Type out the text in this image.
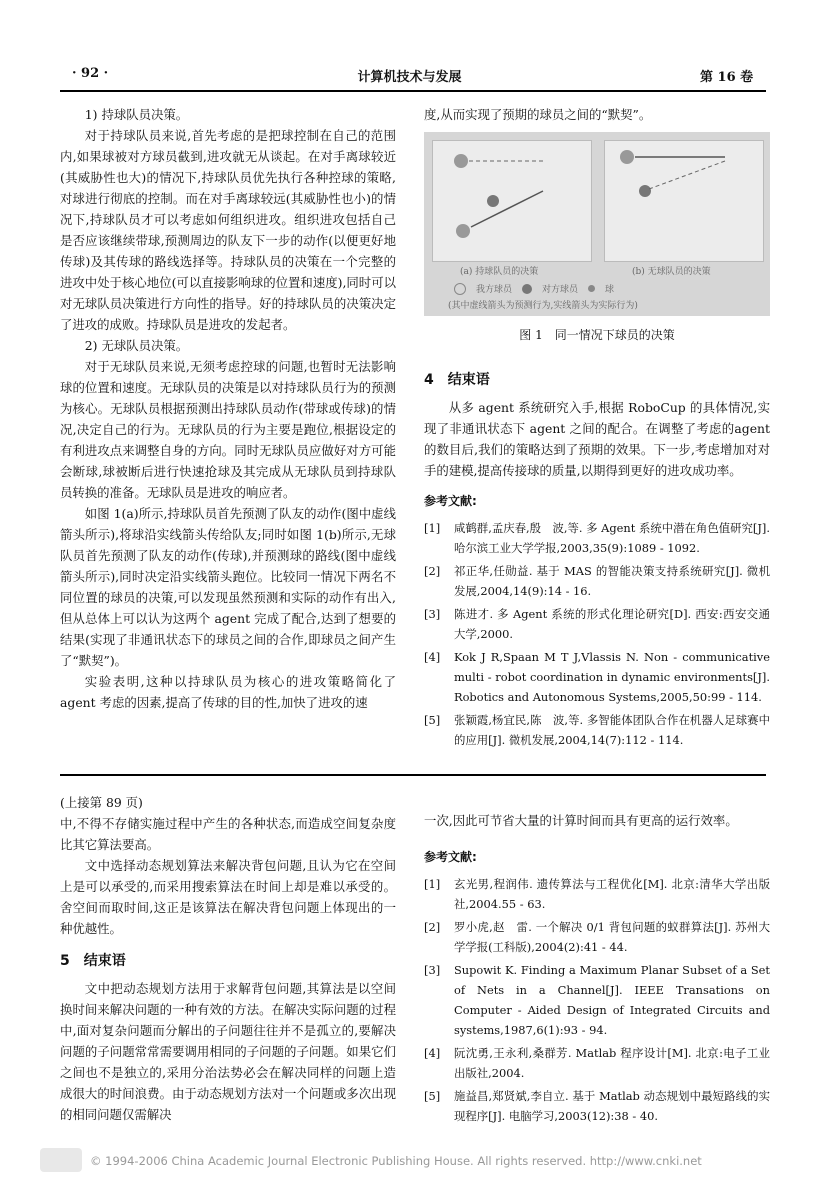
· 92 ·	计算机技术与发展	第 16 卷

1) 持球队员决策。

对于持球队员来说,首先考虑的是把球控制在自己的范围内,如果球被对方球员截到,进攻就无从谈起。在对手离球较近(其威胁性也大)的情况下,持球队员优先执行各种控球的策略,对球进行彻底的控制。而在对手离球较远(其威胁性也小)的情况下,持球队员才可以考虑如何组织进攻。组织进攻包括自己是否应该继续带球,预测周边的队友下一步的动作(以便更好地传球)及其传球的路线选择等。持球队员的决策在一个完整的进攻中处于核心地位(可以直接影响球的位置和速度),同时可以对无球队员决策进行方向性的指导。好的持球队员的决策决定了进攻的成败。持球队员是进攻的发起者。

2) 无球队员决策。

对于无球队员来说,无须考虑控球的问题,也暂时无法影响球的位置和速度。无球队员的决策是以对持球队员行为的预测为核心。无球队员根据预测出持球队员动作(带球或传球)的情况,决定自己的行为。无球队员的行为主要是跑位,根据设定的有利进攻点来调整自身的方向。同时无球队员应做好对方可能会断球,球被断后进行快速抢球及其完成从无球队员到持球队员转换的准备。无球队员是进攻的响应者。

如图 1(a)所示,持球队员首先预测了队友的动作(图中虚线箭头所示),将球沿实线箭头传给队友;同时如图 1(b)所示,无球队员首先预测了队友的动作(传球),并预测球的路线(图中虚线箭头所示),同时决定沿实线箭头跑位。比较同一情况下两名不同位置的球员的决策,可以发现虽然预测和实际的动作有出入,但从总体上可以认为这两个 agent 完成了配合,达到了想要的结果(实现了非通讯状态下的球员之间的合作,即球员之间产生了“默契”)。

实验表明,这种以持球队员为核心的进攻策略简化了 agent 考虑的因素,提高了传球的目的性,加快了进攻的速

度,从而实现了预期的球员之间的“默契”。

(a) 持球队员的决策	(b) 无球队员的决策
我方球员	对方球员	球
(其中虚线箭头为预测行为,实线箭头为实际行为)
图 1　同一情况下球员的决策
4　结束语

从多 agent 系统研究入手,根据 RoboCup 的具体情况,实现了非通讯状态下 agent 之间的配合。在调整了考虑的agent 的数目后,我们的策略达到了预期的效果。下一步,考虑增加对对手的建模,提高传接球的质量,以期得到更好的进攻成功率。

参考文献:
[1]	咸鹤群,孟庆春,殷　波,等. 多 Agent 系统中潜在角色值研究[J]. 哈尔滨工业大学学报,2003,35(9):1089 - 1092.
[2]	祁正华,任勋益. 基于 MAS 的智能决策支持系统研究[J]. 微机发展,2004,14(9):14 - 16.
[3]	陈进才. 多 Agent 系统的形式化理论研究[D]. 西安:西安交通大学,2000.
[4]	Kok J R,Spaan M T J,Vlassis N. Non - communicative multi - robot coordination in dynamic environments[J]. Robotics and Autonomous Systems,2005,50:99 - 114.
[5]	张颖霞,杨宜民,陈　波,等. 多智能体团队合作在机器人足球赛中的应用[J]. 微机发展,2004,14(7):112 - 114.

(上接第 89 页)

中,不得不存储实施过程中产生的各种状态,而造成空间复杂度比其它算法要高。

文中选择动态规划算法来解决背包问题,且认为它在空间上是可以承受的,而采用搜索算法在时间上却是难以承受的。舍空间而取时间,这正是该算法在解决背包问题上体现出的一种优越性。

5　结束语

文中把动态规划方法用于求解背包问题,其算法是以空间换时间来解决问题的一种有效的方法。在解决实际问题的过程中,面对复杂问题而分解出的子问题往往并不是孤立的,要解决问题的子问题常常需要调用相同的子问题的子问题。如果它们之间也不是独立的,采用分治法势必会在解决同样的问题上造成很大的时间浪费。由于动态规划方法对一个问题或多次出现的相同问题仅需解决

一次,因此可节省大量的计算时间而具有更高的运行效率。

参考文献:
[1]	玄光男,程润伟. 遗传算法与工程优化[M]. 北京:清华大学出版社,2004.55 - 63.
[2]	罗小虎,赵　雷. 一个解决 0/1 背包问题的蚁群算法[J]. 苏州大学学报(工科版),2004(2):41 - 44.
[3]	Supowit K. Finding a Maximum Planar Subset of a Set of Nets in a Channel[J]. IEEE Transations on Computer - Aided Design of Integrated Circuits and systems,1987,6(1):93 - 94.
[4]	阮沈勇,王永利,桑群芳. Matlab 程序设计[M]. 北京:电子工业出版社,2004.
[5]	施益昌,郑贤斌,李自立. 基于 Matlab 动态规划中最短路线的实现程序[J]. 电脑学习,2003(12):38 - 40.
© 1994-2006 China Academic Journal Electronic Publishing House. All rights reserved. http://www.cnki.net
